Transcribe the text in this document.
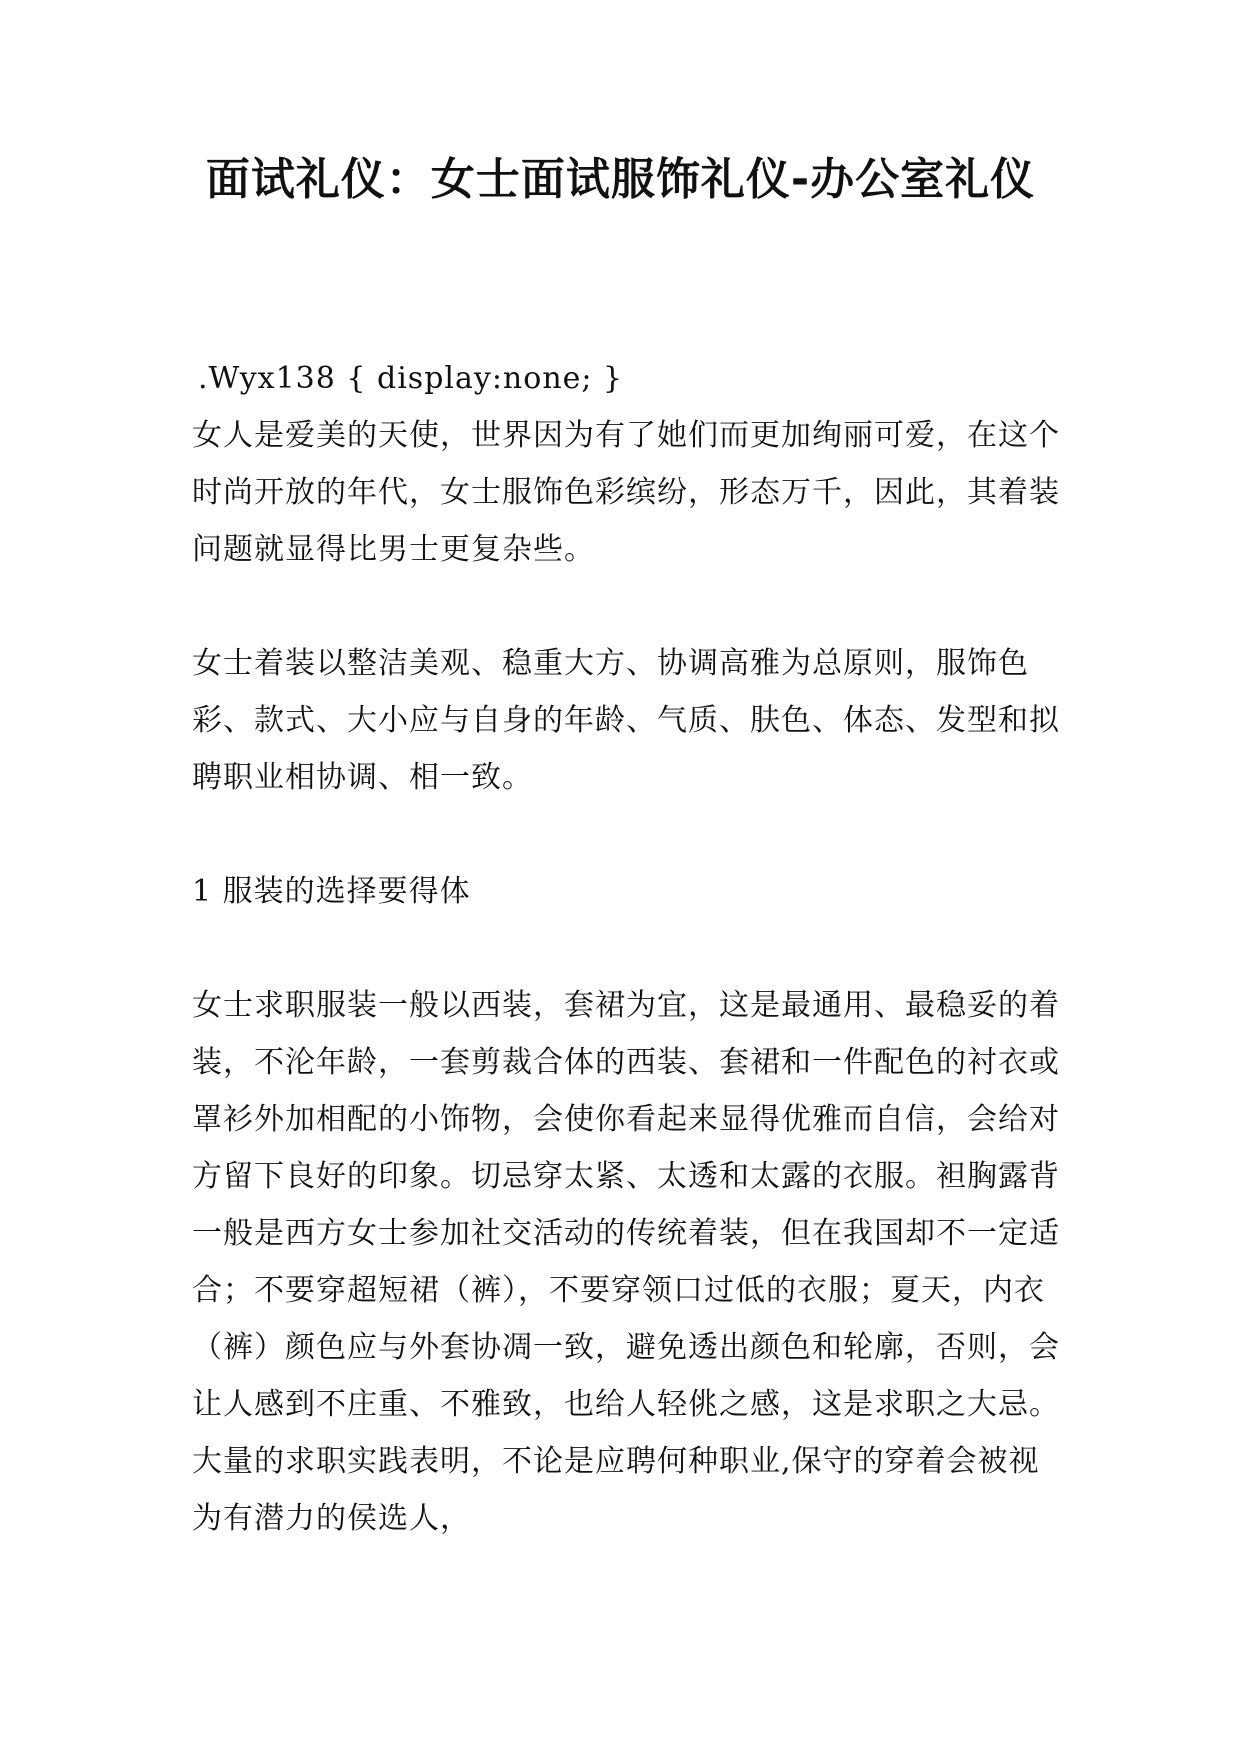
面试礼仪：女士面试服饰礼仪-办公室礼仪

.Wyx138 { display:none; }

女人是爱美的天使，世界因为有了她们而更加绚丽可爱，在这个时尚开放的年代，女士服饰色彩缤纷，形态万千，因此，其着装问题就显得比男士更复杂些。

女士着装以整洁美观、稳重大方、协调高雅为总原则，服饰色彩、款式、大小应与自身的年龄、气质、肤色、体态、发型和拟聘职业相协调、相一致。

1 服装的选择要得体

女士求职服装一般以西装，套裙为宜，这是最通用、最稳妥的着装，不沦年龄，一套剪裁合体的西装、套裙和一件配色的衬衣或罩衫外加相配的小饰物，会使你看起来显得优雅而自信，会给对方留下良好的印象。切忌穿太紧、太透和太露的衣服。袒胸露背一般是西方女士参加社交活动的传统着装，但在我国却不一定适合；不要穿超短裙（裤），不要穿领口过低的衣服；夏天，内衣 （裤）颜色应与外套协凋一致，避免透出颜色和轮廓，否则，会让人感到不庄重、不雅致，也给人轻佻之感，这是求职之大忌。大量的求职实践表明，不论是应聘何种职业,保守的穿着会被视为有潜力的侯选人，
